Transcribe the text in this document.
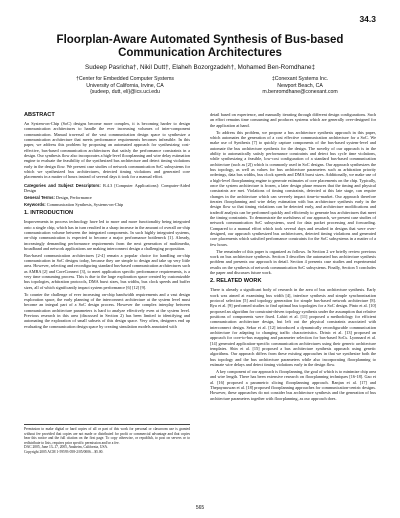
34.3
Floorplan-Aware Automated Synthesis of Bus-based
Communication Architectures
Sudeep Pasricha†, Nikil Dutt†, Elaheh Bozorgzadeh†, Mohamed Ben-Romdhane‡
†Center for Embedded Computer Systems
University of California, Irvine, CA
{sudeep, dutt, eli}@ics.uci.edu
‡Conexant Systems Inc.
Newport Beach, CA
m.benromdhane@conexant.com
ABSTRACT
An System-on-Chip (SoC) designs become more complex, it is becoming harder to design communication architectures to handle the ever increasing volumes of inter-component communication. Manual traversal of the vast communication design space to synthesize a communication architecture that meets performance requirements becomes infeasible. In this paper, we address this problem by proposing an automated approach for synthesizing cost-effective, bus-based communication architectures that satisfy the performance constraints in a design. Our synthesis flow also incorporates a high-level floorplanning and wire delay estimation engine to evaluate the feasibility of the synthesized bus architecture and detect timing violations early in the design flow. We present case studies of network communication SoC subsystems for which we synthesized bus architectures, detected timing violations and generated core placements in a matter of hours instead of several days it took for a manual effort.
Categories and Subject Descriptors: B.4.3 [Computer Applications]: Computer-Aided Design
General Terms: Design, Performance
Keywords: Communication Synthesis, Systems-on-Chip
1. INTRODUCTION
Improvements in process technology have led to more and more functionality being integrated onto a single chip, which has in turn resulted in a sharp increase in the amount of overall on-chip communication volume between the integrated components. In such highly integrated systems, on-chip communication is expected to become a major performance bottleneck [1]. Already, increasingly demanding performance requirements from the next generation of multimedia, broadband and network applications are making interconnect design a challenging proposition.
Bus-based communication architectures [2-4] remain a popular choice for handling on-chip communication in SoC designs today, because they are simple to design and take up very little area. However, selecting and reconfiguring standard bus-based communication architectures such as AMBA [2] and CoreConnect [3], to meet application specific performance requirements, is a very time consuming process. This is due to the large exploration space created by customizable bus topologies, arbitration protocols, DMA burst sizes, bus widths, bus clock speeds and buffer sizes, all of which significantly impact system performance [6] [12] [9].
To counter the challenge of ever increasing on-chip bandwidth requirements and a vast design exploration space, the early planning of the interconnect architecture at the system level must become an integral part of a SoC design process. However the complex interplay between communication architecture parameters is hard to analyze effectively even at the system level. Previous research in this area (discussed in Section 2) has been limited to identifying and automating the exploration of small subsets of this design space. Very often, designers end up evaluating the communication design space by creating simulation models annotated with
Permission to make digital or hard copies of all or part of this work for personal or classroom use is granted without fee provided that copies are not made or distributed for profit or commercial advantage and that copies bear this notice and the full citation on the first page. To copy otherwise, or republish, to post on servers or to redistribute to lists, requires prior specific permission and/or a fee.
DAC 2005, June 13–17, 2005, Anaheim, California, USA.
Copyright 2005 ACM 1-59593-058-2/05/0006…$5.00.
detail based on experience, and manually iterating through different design configurations. Such an effort remains time consuming and produces systems which are generally over-designed for the application at hand.
To address this problem, we propose a bus architecture synthesis approach in this paper, which automates the generation of a cost effective communication architecture for a SoC. We make use of Synthesis [7] to quickly capture components of the bus-based system-level and automate the bus architecture synthesis for the design. The novelty of our approach is in the ability to automatically satisfy performance constraints and detect bus cycle time violations, while synthesizing a feasible, low-cost configuration of a standard bus-based communication architecture (such as [2]) which is commonly used in SoC designs. Our approach synthesizes the bus topology, as well as values for bus architecture parameters such as arbitration priority orderings, data bus widths, bus clock speeds and DMA burst sizes. Additionally, we make use of a high-level floorplanning engine to generate estimates of core placements on the chip. Typically, once the system architecture is frozen, a later design phase ensures that the timing and physical constraints are met. Violations of timing constraints, detected at this late stage, can require changes in the architecture which can severely impact time-to-market. Our approach therefore iterates floorplanning and wire delay estimation with bus architecture synthesis early in the design flow so that timing violations can be detected early, and architecture modifications and tradeoff analysis can be performed quickly and efficiently to generate bus architectures that meet the timing constraints. To demonstrate the usefulness of our approach, we present case studies of network communication SoC subsystems, used for data packet processing and forwarding. Compared to a manual effort which took several days and resulted in designs that were over-designed, our approach synthesized bus architectures, detected timing violations and generated core placements which satisfied performance constraints for the SoC subsystems in a matter of a few hours.
The remainder of this paper is organized as follows. In Section 2 we briefly review previous work on bus architecture synthesis. Section 3 describes the automated bus architecture synthesis problem and presents our approach in detail. Section 4 presents case studies and experimental results on the synthesis of network communication SoC subsystems. Finally, Section 5 concludes the paper and discusses future work.
2. RELATED WORK
There is already a significant body of research in the area of bus architecture synthesis. Early work was aimed at examining bus width [4], interface synthesis and simple synchronization protocol selection [5] and topology generation for simple bus-based network architecture [8]. Ryu et al. [9] performed studies to find optimal bus topologies for a SoC design. Pinto et al. [10] proposed an algorithm for constraint-driven topology synthesis under the assumption that relative positions of components were fixed. Lahiri et al. [11] proposed a methodology for efficient communication architecture design, but left out the physical constraints associated with interconnect design. Sekar et al. [12] introduced a dynamically reconfigurable communication architecture for adapting to changing traffic characteristics. Drinic et al. [13] proposed an approach for core-to-bus mapping and parameter selection for bus-based SoCs. Lyonnard et al. [14] generated application-specific communication architectures using their generic architecture templates. Shin et al. [15] proposed a bus architecture synthesis approach using genetic algorithms. Our approach differs from these existing approaches in that we synthesize both the bus topology and the bus architecture parameters while also incorporating floorplanning to estimate wire delays and detect timing violations early in the design flow.
A key component of our approach is floorplanning, the goal of which is to minimize chip area and wire length. There has been extensive research on floorplanning techniques [16-18]. Gao et al. [16] proposed a parametric slicing floorplanning approach. Ranjan et al. [17] and Thepayasuwan et al. [18] proposed floorplanning approaches for communication-centric designs. However, these approaches do not consider bus architecture synthesis and the generation of bus architecture parameters together with floorplanning, as our approach does.
565
